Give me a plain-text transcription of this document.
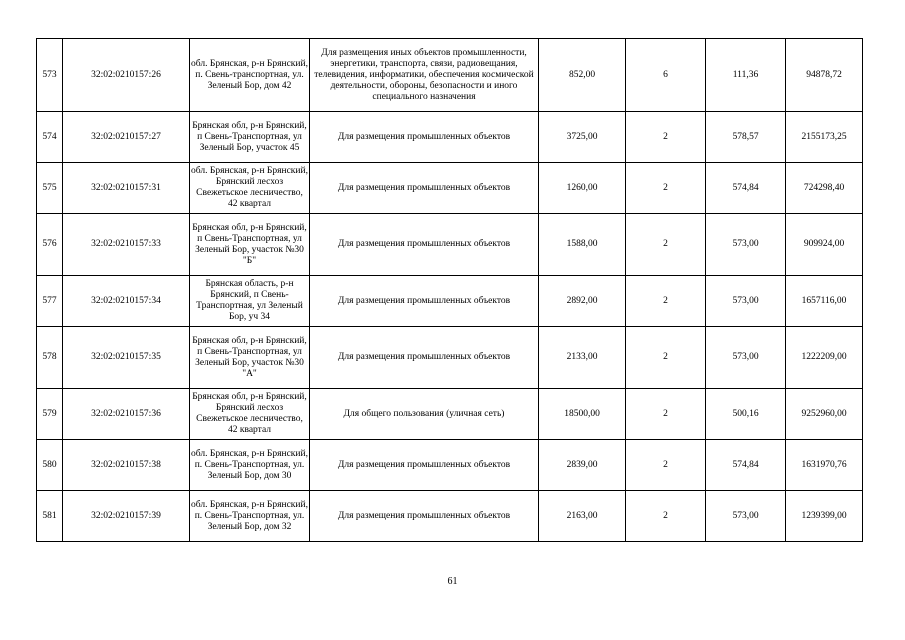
573	32:02:0210157:26	обл. Брянская, р-н Брянский, п. Свень-транспортная, ул. Зеленый Бор, дом 42	Для размещения иных объектов промышленности, энергетики, транспорта, связи, радиовещания, телевидения, информатики, обеспечения космической деятельности, обороны, безопасности и иного специального назначения	852,00	6	111,36	94878,72
574	32:02:0210157:27	Брянская обл, р-н Брянский, п Свень-Транспортная, ул Зеленый Бор, участок 45	Для размещения промышленных объектов	3725,00	2	578,57	2155173,25
575	32:02:0210157:31	обл. Брянская, р-н Брянский, Брянский лесхоз Свежетьское лесничество, 42 квартал	Для размещения промышленных объектов	1260,00	2	574,84	724298,40
576	32:02:0210157:33	Брянская обл, р-н Брянский, п Свень-Транспортная, ул Зеленый Бор, участок №30 "Б"	Для размещения промышленных объектов	1588,00	2	573,00	909924,00
577	32:02:0210157:34	Брянская область, р-н Брянский, п Свень-Транспортная, ул Зеленый Бор, уч 34	Для размещения промышленных объектов	2892,00	2	573,00	1657116,00
578	32:02:0210157:35	Брянская обл, р-н Брянский, п Свень-Транспортная, ул Зеленый Бор, участок №30 "А"	Для размещения промышленных объектов	2133,00	2	573,00	1222209,00
579	32:02:0210157:36	Брянская обл, р-н Брянский, Брянский лесхоз Свежетьское лесничество, 42 квартал	Для общего пользования (уличная сеть)	18500,00	2	500,16	9252960,00
580	32:02:0210157:38	обл. Брянская, р-н Брянский, п. Свень-Транспортная, ул. Зеленый Бор, дом 30	Для размещения промышленных объектов	2839,00	2	574,84	1631970,76
581	32:02:0210157:39	обл. Брянская, р-н Брянский, п. Свень-Транспортная, ул. Зеленый Бор, дом 32	Для размещения промышленных объектов	2163,00	2	573,00	1239399,00
61
